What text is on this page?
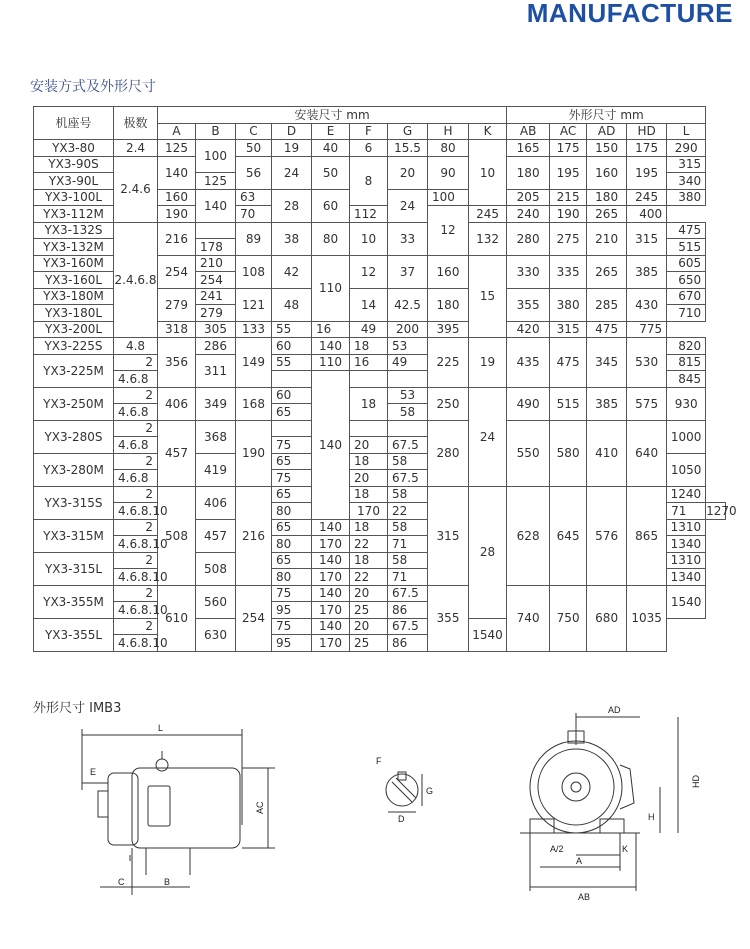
MANUFACTURE
安装方式及外形尺寸
机座号	极数	安装尺寸 mm									外形尺寸 mm					
		A	B	C	D	E	F	G	H	K	AB	AC	AD	HD	L	
YX3-80	2.4	125	100	50	19	40	6	15.5	80	10	165	175	150	175	290	
YX3-90S	2.4.6	140		56	24	50	8	20	90		180	195	160	195	315	
YX3-90L			125												340	
YX3-100L		160	140	63	28	60		24	100		205	215	180	245	380	
YX3-112M		190		70			112		12	245	240	190	265	400		
YX3-132S	2.4.6.8	216		89	38	80	10	33		132	280	275	210	315	475	
YX3-132M			178												515	
YX3-160M		254	210	108	42	110	12	37	160	15	330	335	265	385	605	
YX3-160L			254												650	
YX3-180M		279	241	121	48		14	42.5	180		355	380	285	430	670	
YX3-180L			279												710	
YX3-200L		318	305	133	55	16	49	200	395		420	315	475	775		
YX3-225S	4.8	356	286	149	60	140	18	53	225	19	435	475	345	530	820	
YX3-225M	2		311		55	110	16	49							815	
	4.6.8					140									845	
YX3-250M	2	406	349	168	60		18	53	250	24	490	515	385	575	930	
	4.6.8				65			58								
YX3-280S	2	457	368	190					280		550	580	410	640	1000	
	4.6.8				75		20	67.5								
YX3-280M	2		419		65		18	58							1050	
	4.6.8				75		20	67.5								
YX3-315S	2	508	406	216	65		18	58	315	28	628	645	576	865	1240	
	4.6.8.10				80		170	22							71	1270
YX3-315M	2		457		65	140	18	58							1310	
	4.6.8.10				80	170	22	71							1340	
YX3-315L	2		508		65	140	18	58							1310	
	4.6.8.10				80	170	22	71							1340	
YX3-355M	2	610	560	254	75	140	20	67.5	355		740	750	680	1035	1540	
	4.6.8.10				95	170	25	86								
YX3-355L	2		630		75	140	20	67.5		1540						
	4.6.8.10				95	170	25	86								
外形尺寸 IMB3
L
E
AC
C	B
F
G
D
AD
HD
H
A/2	K
A
AB
